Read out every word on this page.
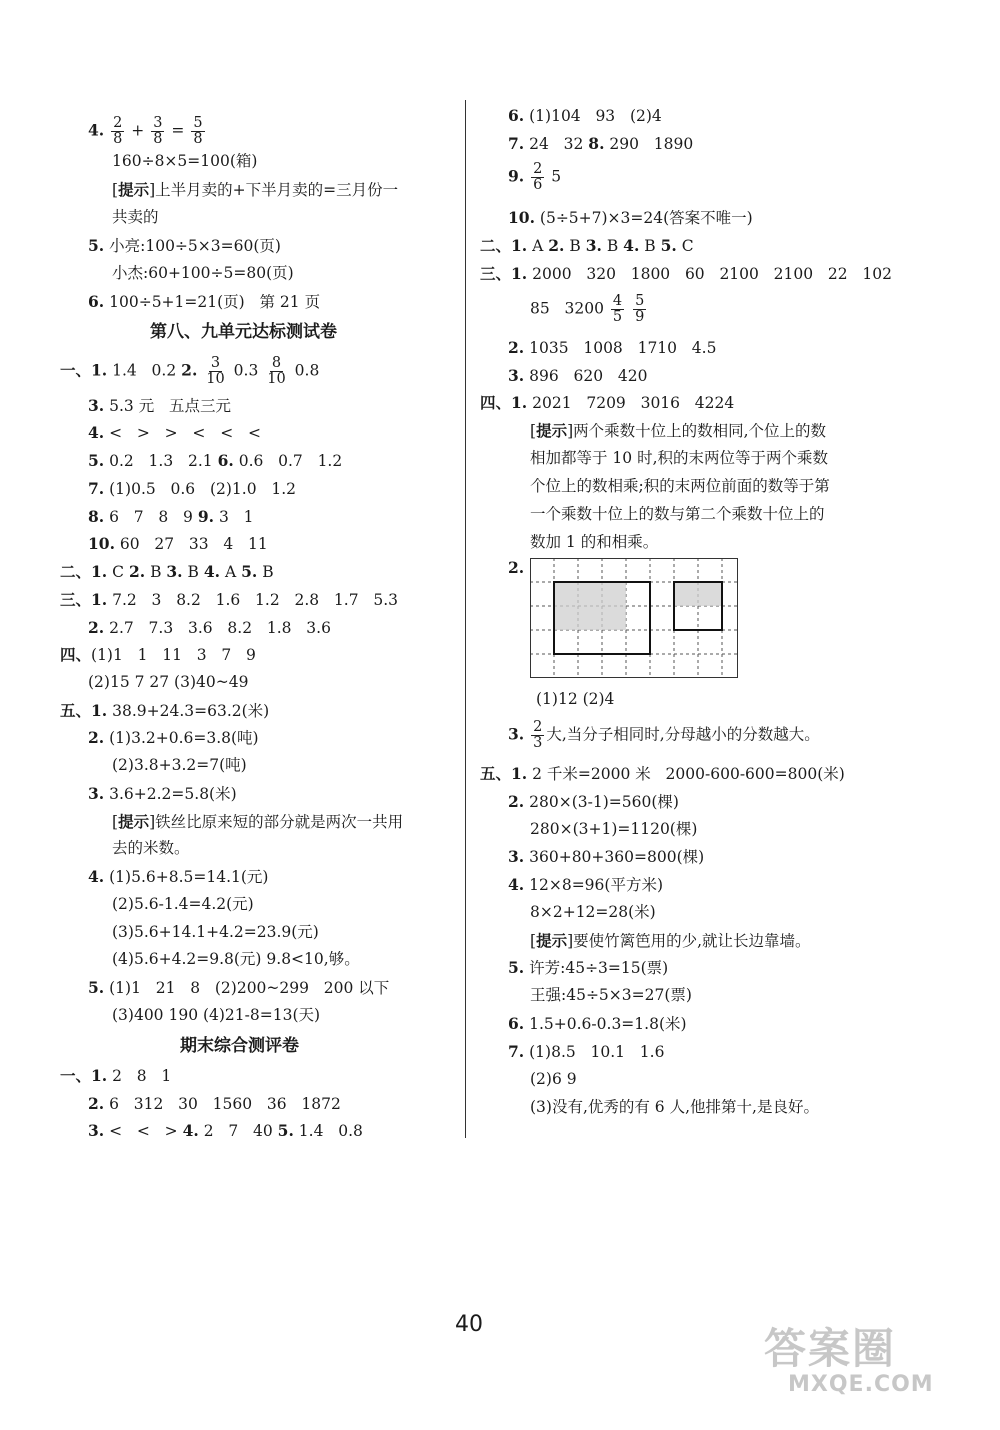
4. $\frac{2}{8} + \frac{3}{8} = \frac{5}{8}$
160÷8×5=100(箱)
[提示]上半月卖的+下半月卖的=三月份一
共卖的
5. 小亮:100÷5×3=60(页)
小杰:60+100÷5=80(页)
6. 100÷5+1=21(页)   第 21 页
第八、九单元达标测试卷
一、1. 1.4   0.2 2. $\frac{3}{10} 0.3 \frac{8}{10} 0.8$
3. 5.3 元   五点三元
4. <   >   >   <   <   <
5. 0.2   1.3   2.1 6. 0.6   0.7   1.2
7. (1)0.5   0.6   (2)1.0   1.2
8. 6   7   8   9 9. 3   1
10. 60   27   33   4   11
二、1. C 2. B 3. B 4. A 5. B
三、1. 7.2   3   8.2   1.6   1.2   2.8   1.7   5.3
2. 2.7   7.3   3.6   8.2   1.8   3.6
四、(1)1   1   11   3   7   9
(2)15 7 27 (3)40~49
五、1. 38.9+24.3=63.2(米)
2. (1)3.2+0.6=3.8(吨)
(2)3.8+3.2=7(吨)
3. 3.6+2.2=5.8(米)
[提示]铁丝比原来短的部分就是两次一共用
去的米数。
4. (1)5.6+8.5=14.1(元)
(2)5.6-1.4=4.2(元)
(3)5.6+14.1+4.2=23.9(元)
(4)5.6+4.2=9.8(元) 9.8<10,够。
5. (1)1   21   8   (2)200~299   200 以下
(3)400 190 (4)21-8=13(天)
期末综合测评卷
一、1. 2   8   1
2. 6   312   30   1560   36   1872
3. <   <   > 4. 2   7   40 5. 1.4   0.8
6. (1)104   93   (2)4
7. 24   32 8. 290   1890
9. $\frac{2}{6} 5$
10. (5÷5+7)×3=24(答案不唯一)
二、1. A 2. B 3. B 4. B 5. C
三、1. 2000   320   1800   60   2100   2100   22   102
85   $3200 \frac{4}{5}$
$\frac{5}{9}$
2. 1035   1008   1710   4.5
3. 896   620   420
四、1. 2021   7209   3016   4224
[提示]两个乘数十位上的数相同,个位上的数
相加都等于 10 时,积的末两位等于两个乘数
个位上的数相乘;积的末两位前面的数等于第
一个乘数十位上的数与第二个乘数十位上的
数加 1 的和相乘。
2.
(1)12 (2)4
3. $\frac{2}{3}$ 大,当分子相同时,分母越小的分数越大。
五、1. 2 千米=2000 米   2000-600-600=800(米)
2. 280×(3-1)=560(棵)
280×(3+1)=1120(棵)
3. 360+80+360=800(棵)
4. 12×8=96(平方米)
8×2+12=28(米)
[提示]要使竹篱笆用的少,就让长边靠墙。
5. 许芳:45÷3=15(票)
王强:45÷5×3=27(票)
6. 1.5+0.6-0.3=1.8(米)
7. (1)8.5   10.1   1.6
(2)6 9
(3)没有,优秀的有 6 人,他排第十,是良好。
40	答案圈
MXQE.COM
